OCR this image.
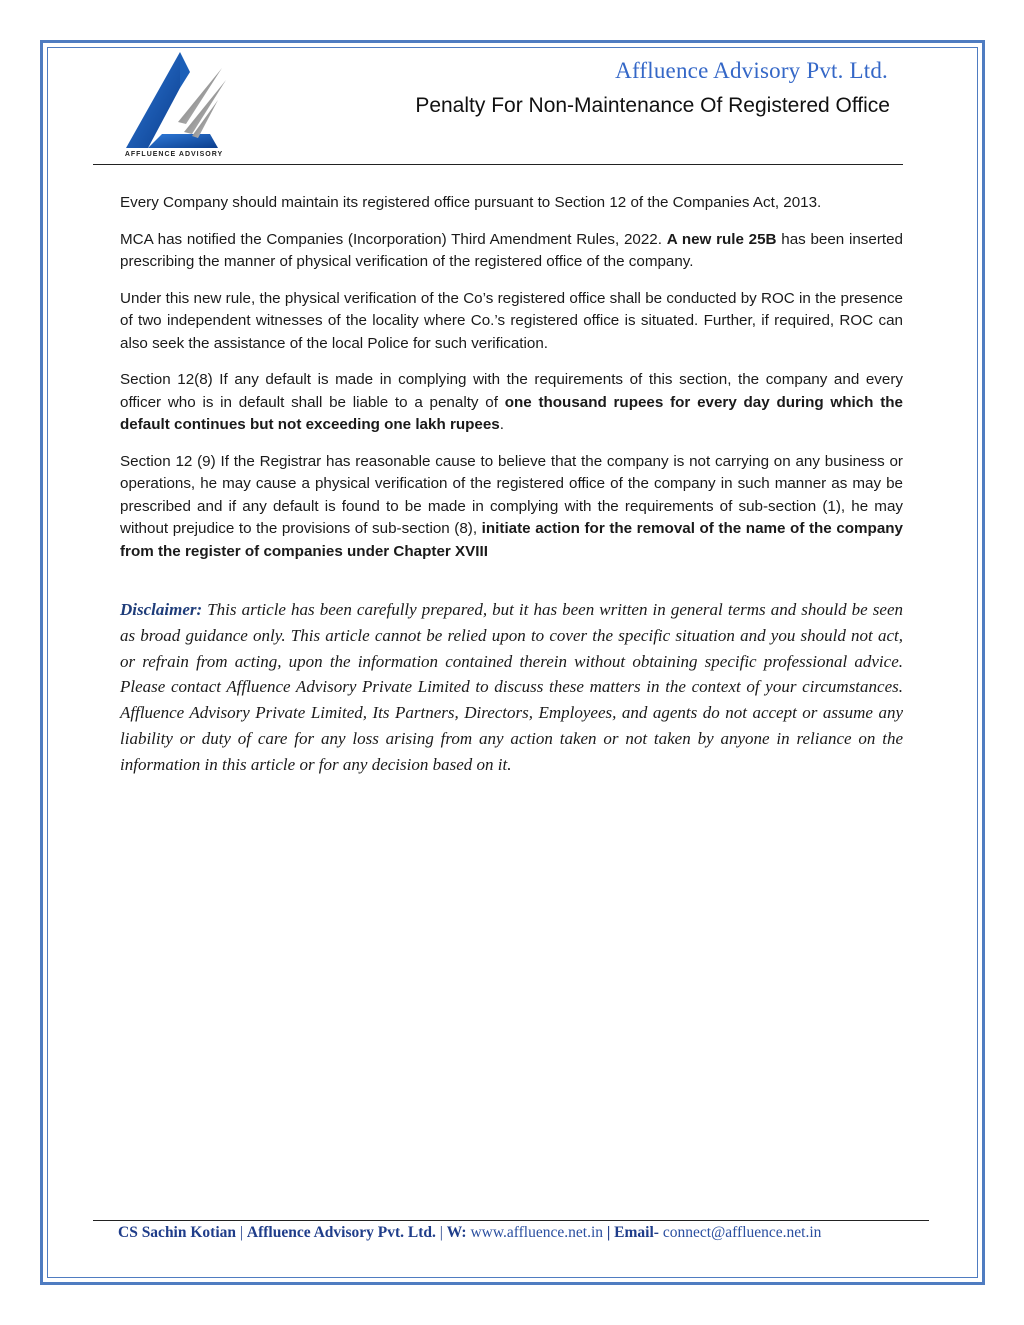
AFFLUENCE ADVISORY
Affluence Advisory Pvt. Ltd.
Penalty For Non-Maintenance Of Registered Office

Every Company should maintain its registered office pursuant to Section 12 of the Companies Act, 2013.

MCA has notified the Companies (Incorporation) Third Amendment Rules, 2022. A new rule 25B has been inserted prescribing the manner of physical verification of the registered office of the company.

Under this new rule, the physical verification of the Co’s registered office shall be conducted by ROC in the presence of two independent witnesses of the locality where Co.’s registered office is situated. Further, if required, ROC can also seek the assistance of the local Police for such verification.

Section 12(8) If any default is made in complying with the requirements of this section, the company and every officer who is in default shall be liable to a penalty of one thousand rupees for every day during which the default continues but not exceeding one lakh rupees.

Section 12 (9) If the Registrar has reasonable cause to believe that the company is not carrying on any business or operations, he may cause a physical verification of the registered office of the company in such manner as may be prescribed and if any default is found to be made in complying with the requirements of sub-section (1), he may without prejudice to the provisions of sub-section (8), initiate action for the removal of the name of the company from the register of companies under Chapter XVIII

Disclaimer: This article has been carefully prepared, but it has been written in general terms and should be seen as broad guidance only. This article cannot be relied upon to cover the specific situation and you should not act, or refrain from acting, upon the information contained therein without obtaining specific professional advice. Please contact Affluence Advisory Private Limited to discuss these matters in the context of your circumstances. Affluence Advisory Private Limited, Its Partners, Directors, Employees, and agents do not accept or assume any liability or duty of care for any loss arising from any action taken or not taken by anyone in reliance on the information in this article or for any decision based on it.
CS Sachin Kotian | Affluence Advisory Pvt. Ltd. | W: www.affluence.net.in | Email- connect@affluence.net.in
